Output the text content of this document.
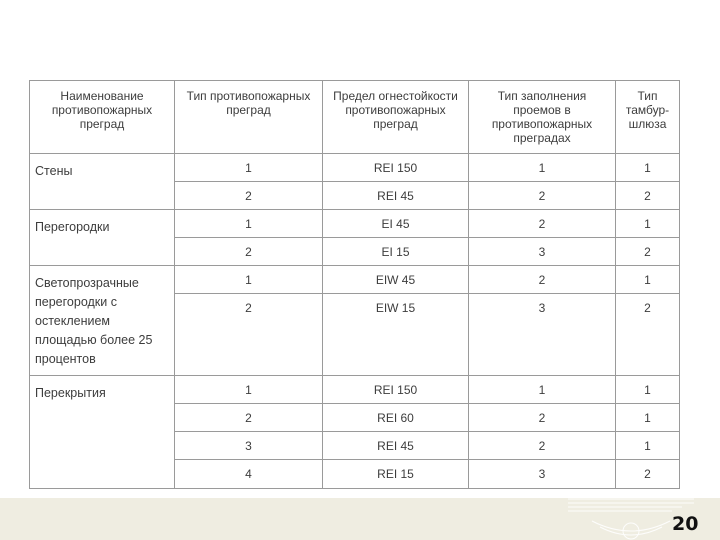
Наименование противопожарных преград	Тип противопожарных преград	Предел огнестойкости противопожарных преград	Тип заполнения проемов в противопожарных преградах	Тип тамбур-шлюза
Стены	1	REI 150	1	1
	2	REI 45	2	2
Перегородки	1	EI 45	2	1
	2	EI 15	3	2
Светопрозрачные перегородки с остеклением площадью более 25 процентов	1	EIW 45	2	1
	2	EIW 15	3	2
Перекрытия	1	REI 150	1	1
	2	REI 60	2	1
	3	REI 45	2	1
	4	REI 15	3	2
20
